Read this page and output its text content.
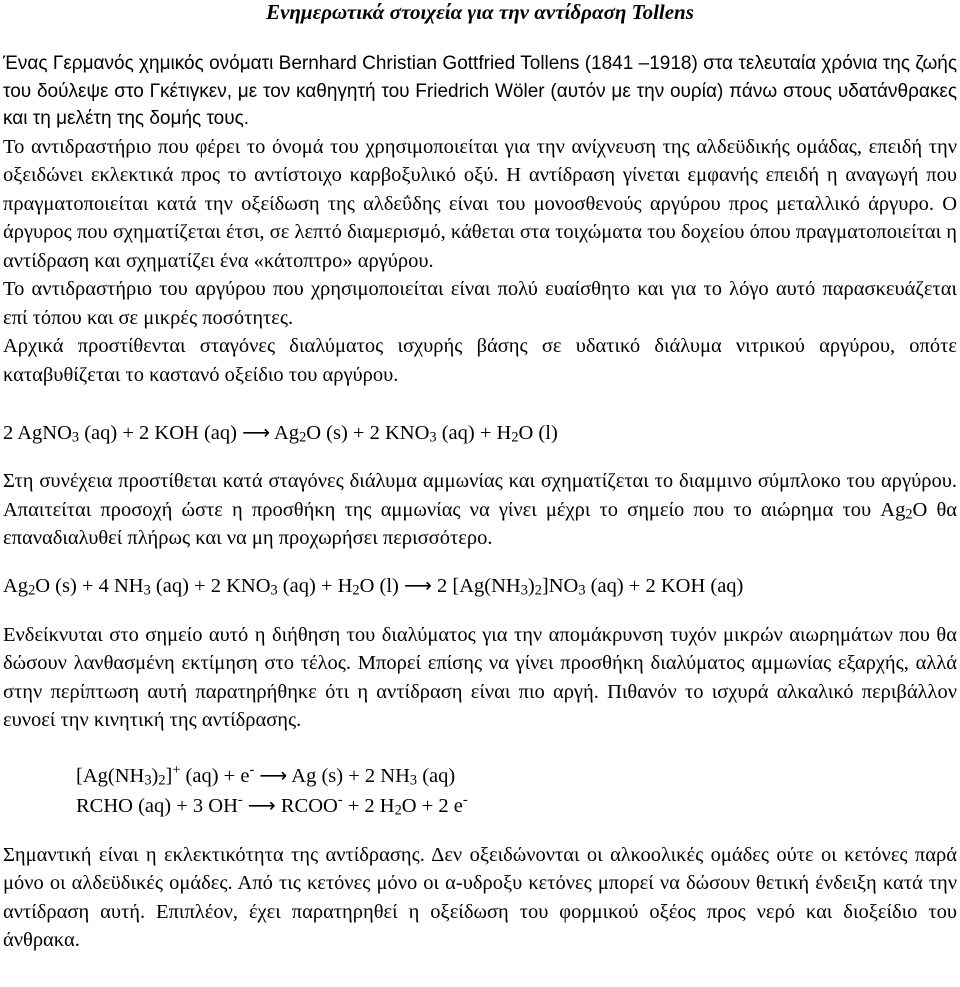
Ενημερωτικά στοιχεία για την αντίδραση Tollens

Ένας Γερμανός χημικός ονόματι Bernhard Christian Gottfried Tollens (1841 –1918) στα τελευταία χρόνια της ζωής του δούλεψε στο Γκέτιγκεν, με τον καθηγητή του Friedrich Wöler (αυτόν με την ουρία) πάνω στους υδατάνθρακες και τη μελέτη της δομής τους.

Το αντιδραστήριο που φέρει το όνομά του χρησιμοποιείται για την ανίχνευση της αλδεϋδικής ομάδας, επειδή την οξειδώνει εκλεκτικά προς το αντίστοιχο καρβοξυλικό οξύ. Η αντίδραση γίνεται εμφανής επειδή η αναγωγή που πραγματοποιείται κατά την οξείδωση της αλδεΰδης είναι του μονοσθενούς αργύρου προς μεταλλικό άργυρο. Ο άργυρος που σχηματίζεται έτσι, σε λεπτό διαμερισμό, κάθεται στα τοιχώματα του δοχείου όπου πραγματοποιείται η αντίδραση και σχηματίζει ένα «κάτοπτρο» αργύρου.

Το αντιδραστήριο του αργύρου που χρησιμοποιείται είναι πολύ ευαίσθητο και για το λόγο αυτό παρασκευάζεται επί τόπου και σε μικρές ποσότητες.

Αρχικά προστίθενται σταγόνες διαλύματος ισχυρής βάσης σε υδατικό διάλυμα νιτρικού αργύρου, οπότε καταβυθίζεται το καστανό οξείδιο του αργύρου.

2 AgNO$_3$ (aq) + 2 KOH (aq) ⟶ $Ag_2O$ (s) + 2 $KNO_3$ $(aq) + H_2O$ (l)

Στη συνέχεια προστίθεται κατά σταγόνες διάλυμα αμμωνίας και σχηματίζεται το διαμμινο σύμπλοκο του αργύρου. Απαιτείται προσοχή ώστε η προσθήκη της αμμωνίας να γίνει μέχρι το σημείο που το αιώρημα του $Ag_2O$ θα επαναδιαλυθεί πλήρως και να μη προχωρήσει περισσότερο.

$Ag_2O$ (s) + 4 $NH_3$ (aq) + 2 $KNO_3$ $(aq) + H_2O$ (l) ⟶ 2 $[Ag(NH_3)_2]NO_3$ (aq) + 2 KOH (aq)

Ενδείκνυται στο σημείο αυτό η διήθηση του διαλύματος για την απομάκρυνση τυχόν μικρών αιωρημάτων που θα δώσουν λανθασμένη εκτίμηση στο τέλος. Μπορεί επίσης να γίνει προσθήκη διαλύματος αμμωνίας εξαρχής, αλλά στην περίπτωση αυτή παρατηρήθηκε ότι η αντίδραση είναι πιο αργή. Πιθανόν το ισχυρά αλκαλικό περιβάλλον ευνοεί την κινητική της αντίδρασης.

$[Ag(NH_3)_2]^+$ (aq) + e- ⟶ Ag (s) + 2 $NH_3$ (aq)
RCHO (aq) + 3 OH- ⟶ RCOO- + 2 $H_2O + 2$ e-

Σημαντική είναι η εκλεκτικότητα της αντίδρασης. Δεν οξειδώνονται οι αλκοολικές ομάδες ούτε οι κετόνες παρά μόνο οι αλδεϋδικές ομάδες. Από τις κετόνες μόνο οι α-υδροξυ κετόνες μπορεί να δώσουν θετική ένδειξη κατά την αντίδραση αυτή. Επιπλέον, έχει παρατηρηθεί η οξείδωση του φορμικού οξέος προς νερό και διοξείδιο του άνθρακα.
